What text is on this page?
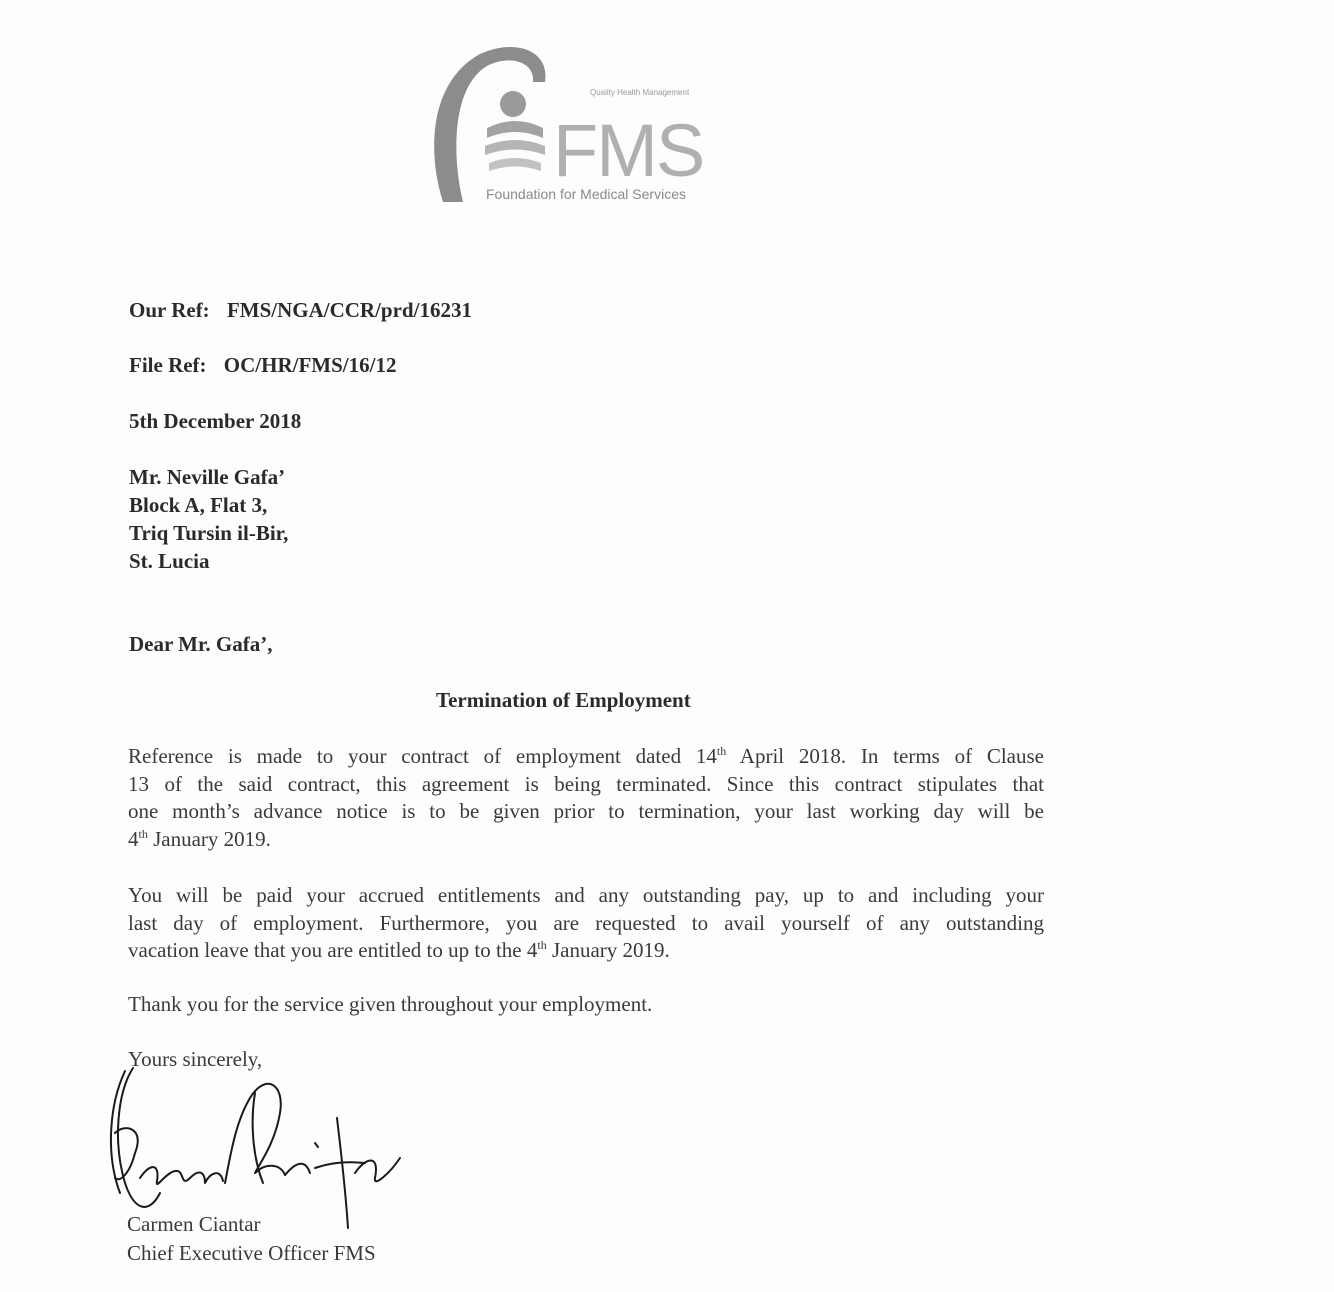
FMS
Quality Health Management
Foundation for Medical Services
Our Ref: FMS/NGA/CCR/prd/16231
File Ref: OC/HR/FMS/16/12
5th December 2018
Mr. Neville Gafa’
Block A, Flat 3,
Triq Tursin il-Bir,
St. Lucia
Dear Mr. Gafa’,
Termination of Employment
Reference is made to your contract of employment dated 14th April 2018. In terms of Clause
13 of the said contract, this agreement is being terminated. Since this contract stipulates that
one month’s advance notice is to be given prior to termination, your last working day will be
4th January 2019.
You will be paid your accrued entitlements and any outstanding pay, up to and including your
last day of employment. Furthermore, you are requested to avail yourself of any outstanding
vacation leave that you are entitled to up to the 4th January 2019.
Thank you for the service given throughout your employment.
Yours sincerely,
Carmen Ciantar
Chief Executive Officer FMS
